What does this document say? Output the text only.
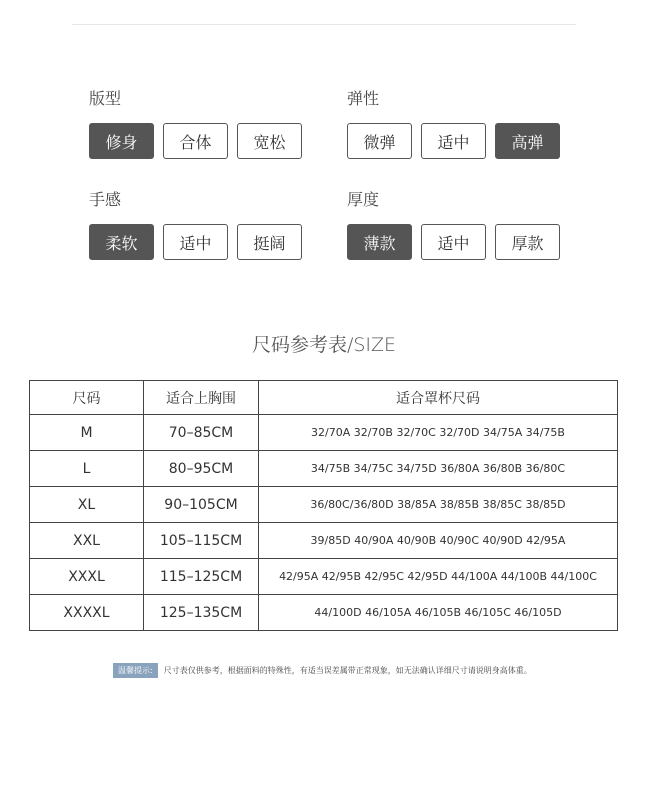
版型
修身	合体	宽松
弹性
微弹	适中	高弹
手感
柔软	适中	挺阔
厚度
薄款	适中	厚款
尺码参考表/SIZE
尺码	适合上胸围	适合罩杯尺码
M	70–85CM	32/70A 32/70B 32/70C 32/70D 34/75A 34/75B
L	80–95CM	34/75B 34/75C 34/75D 36/80A 36/80B 36/80C
XL	90–105CM	36/80C/36/80D 38/85A 38/85B 38/85C 38/85D
XXL	105–115CM	39/85D 40/90A 40/90B 40/90C 40/90D 42/95A
XXXL	115–125CM	42/95A 42/95B 42/95C 42/95D 44/100A 44/100B 44/100C
XXXXL	125–135CM	44/100D 46/105A 46/105B 46/105C 46/105D
温馨提示:	尺寸表仅供参考，根据面料的特殊性，有适当误差属带正常现象，如无法确认详细尺寸请说明身高体重。
